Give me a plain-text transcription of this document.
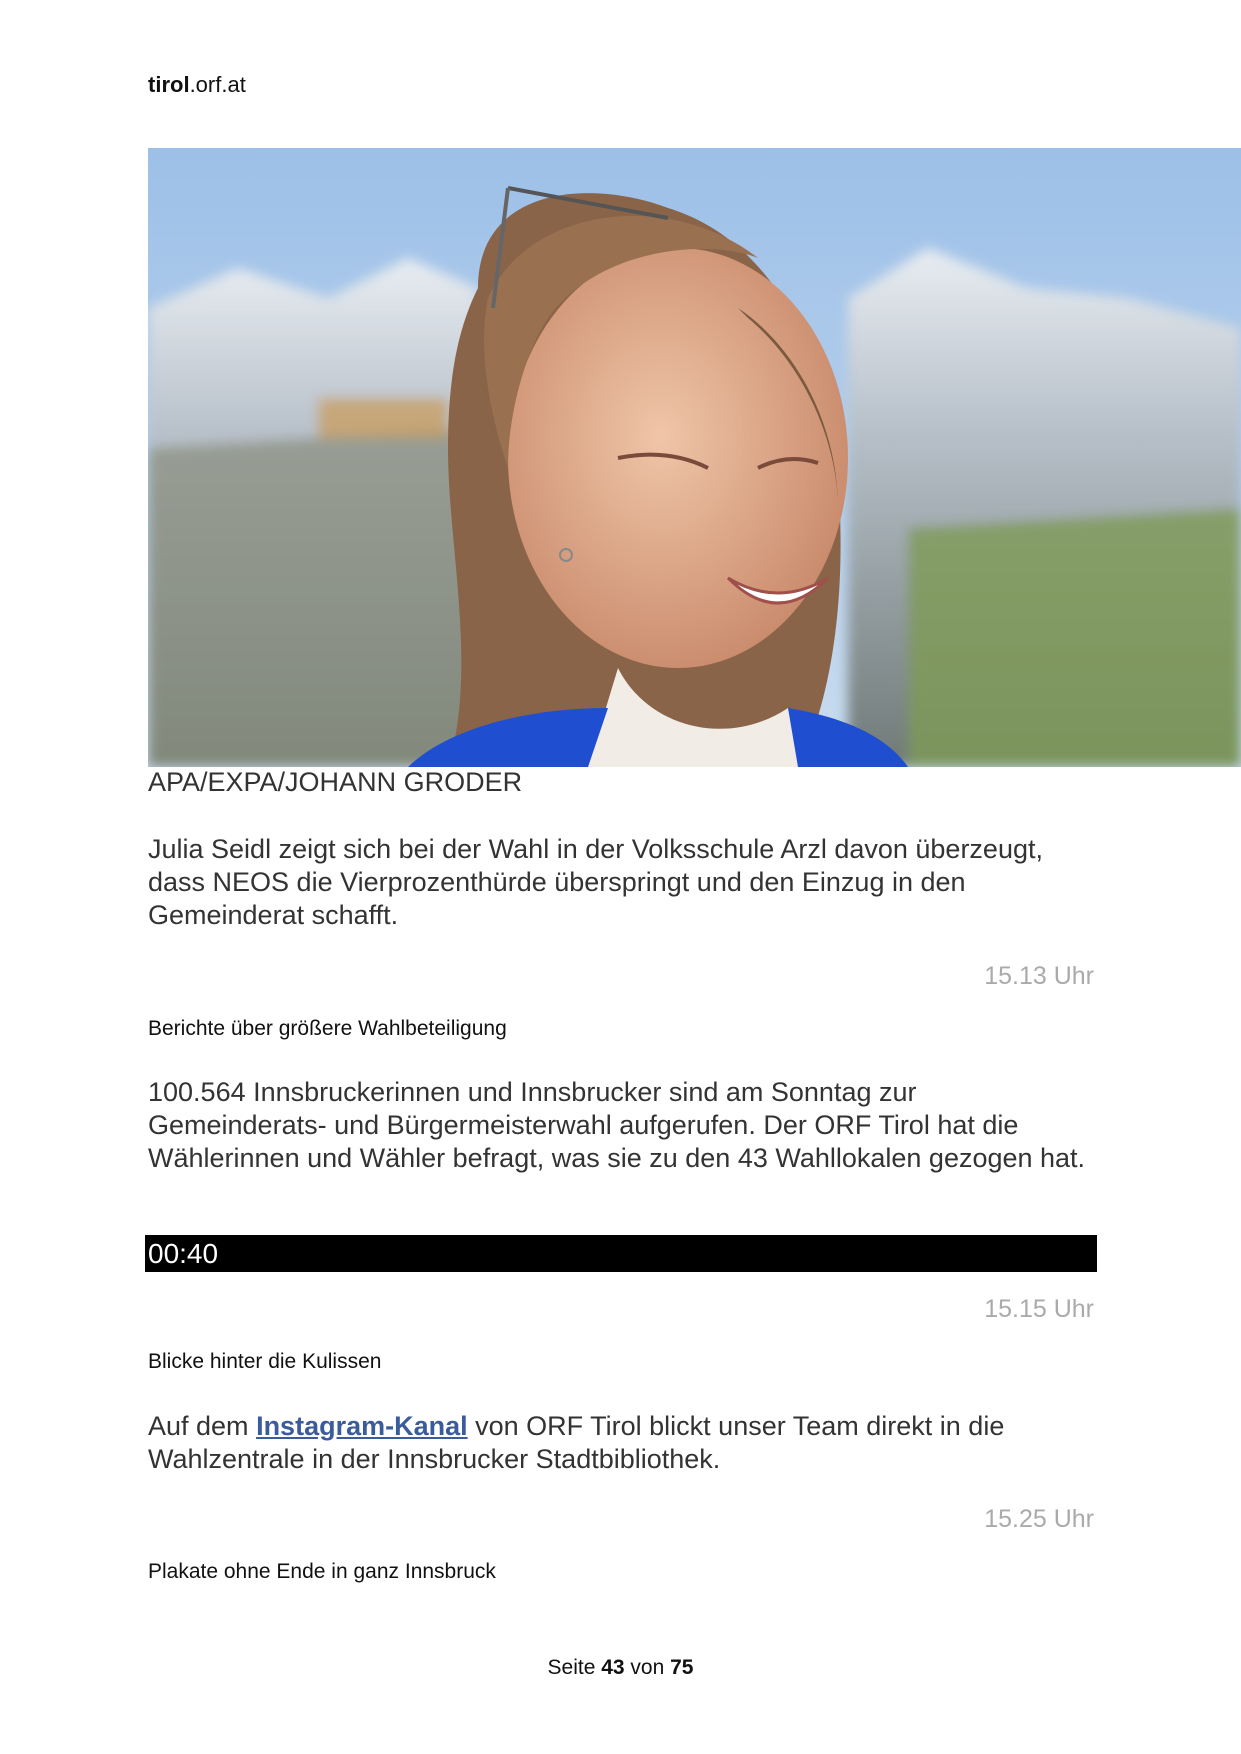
tirol.orf.at
APA/EXPA/JOHANN GRODER

Julia Seidl zeigt sich bei der Wahl in der Volksschule Arzl davon überzeugt, dass NEOS die Vierprozenthürde überspringt und den Einzug in den Gemeinderat schafft.

15.13 Uhr
Berichte über größere Wahlbeteiligung

100.564 Innsbruckerinnen und Innsbrucker sind am Sonntag zur Gemeinderats- und Bürgermeisterwahl aufgerufen. Der ORF Tirol hat die Wählerinnen und Wähler befragt, was sie zu den 43 Wahllokalen gezogen hat.

00:40
15.15 Uhr
Blicke hinter die Kulissen

Auf dem Instagram-Kanal von ORF Tirol blickt unser Team direkt in die Wahlzentrale in der Innsbrucker Stadtbibliothek.

15.25 Uhr
Plakate ohne Ende in ganz Innsbruck
Seite 43 von 75
